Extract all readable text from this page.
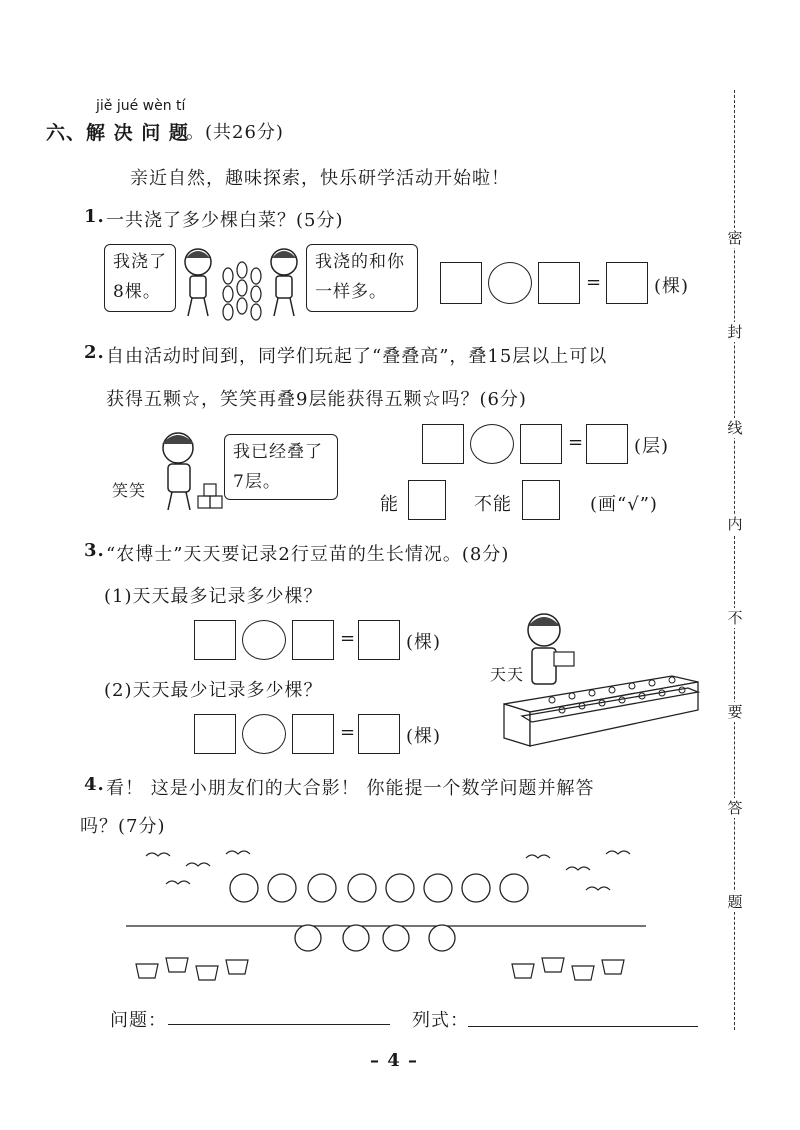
jiě jué wèn tí
六、解 决 问 题
。(共26分)
亲近自然，趣味探索，快乐研学活动开始啦！
1. 一共浇了多少棵白菜？(5分)
我浇了
8棵。
我浇的和你
一样多。	=	(棵)
2. 自由活动时间到，同学们玩起了“叠叠高”，叠15层以上可以
获得五颗☆，笑笑再叠9层能获得五颗☆吗？(6分)
笑笑
我已经叠了
7层。
=	(层)
能	不能	(画“√”)
3. “农博士”天天要记录2行豆苗的生长情况。(8分)
(1)天天最多记录多少棵？
=	(棵)
(2)天天最少记录多少棵？
=	(棵)
天天
4. 看！ 这是小朋友们的大合影！ 你能提一个数学问题并解答
吗？(7分)
问题：	列式：
– 4 –
密
封
线
内
不
要
答
题
